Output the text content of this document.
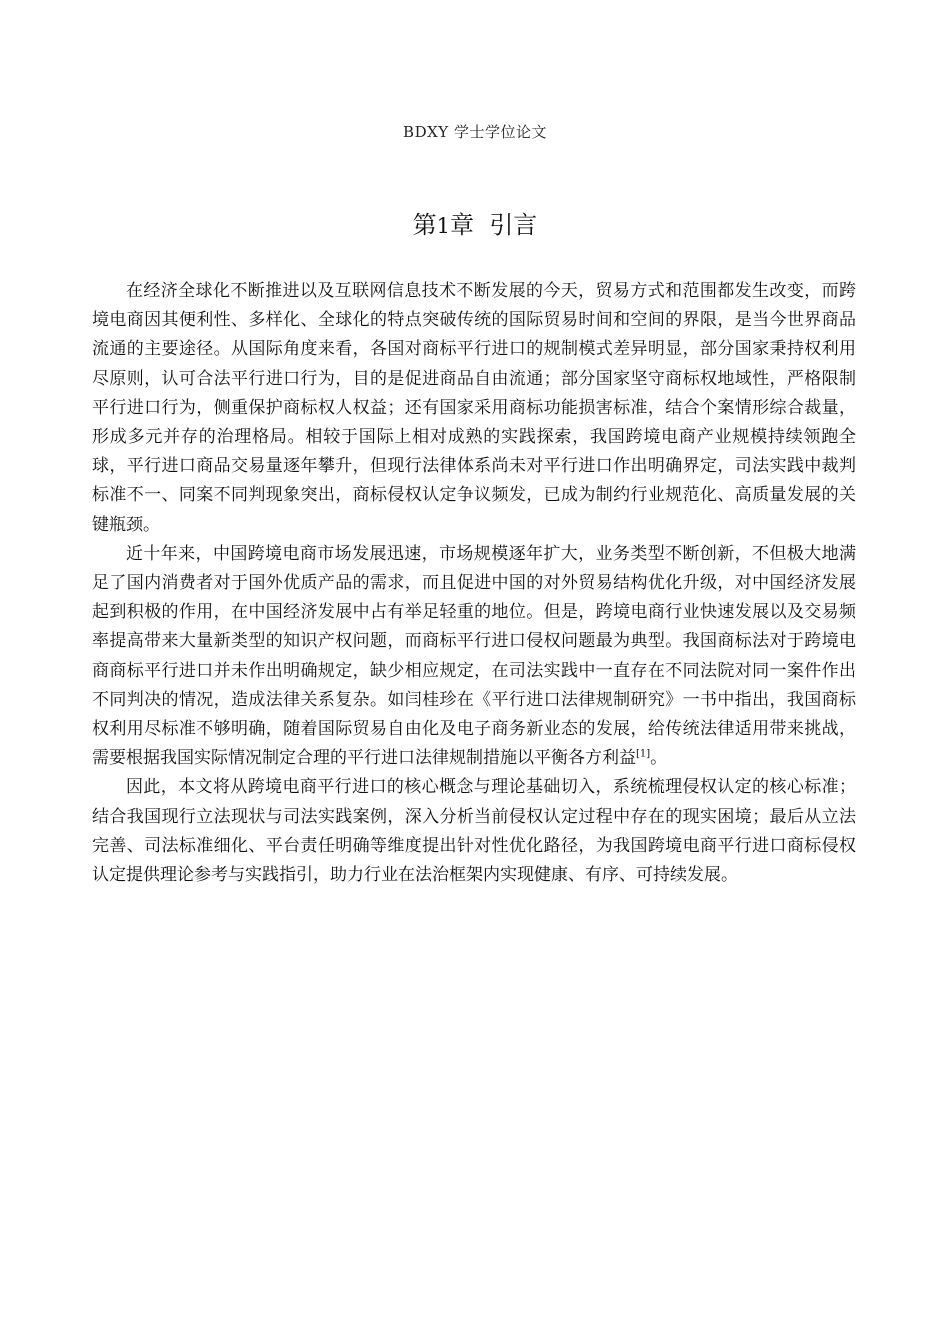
BDXY 学士学位论文
第1章 引言

在经济全球化不断推进以及互联网信息技术不断发展的今天，贸易方式和范围都发生改变，而跨境电商因其便利性、多样化、全球化的特点突破传统的国际贸易时间和空间的界限，是当今世界商品流通的主要途径。从国际角度来看，各国对商标平行进口的规制模式差异明显，部分国家秉持权利用尽原则，认可合法平行进口行为，目的是促进商品自由流通；部分国家坚守商标权地域性，严格限制平行进口行为，侧重保护商标权人权益；还有国家采用商标功能损害标准，结合个案情形综合裁量，形成多元并存的治理格局。相较于国际上相对成熟的实践探索，我国跨境电商产业规模持续领跑全球，平行进口商品交易量逐年攀升，但现行法律体系尚未对平行进口作出明确界定，司法实践中裁判标准不一、同案不同判现象突出，商标侵权认定争议频发，已成为制约行业规范化、高质量发展的关键瓶颈。

近十年来，中国跨境电商市场发展迅速，市场规模逐年扩大，业务类型不断创新，不但极大地满足了国内消费者对于国外优质产品的需求，而且促进中国的对外贸易结构优化升级，对中国经济发展起到积极的作用，在中国经济发展中占有举足轻重的地位。但是，跨境电商行业快速发展以及交易频率提高带来大量新类型的知识产权问题，而商标平行进口侵权问题最为典型。我国商标法对于跨境电商商标平行进口并未作出明确规定，缺少相应规定，在司法实践中一直存在不同法院对同一案件作出不同判决的情况，造成法律关系复杂。如闫桂珍在《平行进口法律规制研究》一书中指出，我国商标权利用尽标准不够明确，随着国际贸易自由化及电子商务新业态的发展，给传统法律适用带来挑战，需要根据我国实际情况制定合理的平行进口法律规制措施以平衡各方利益[1]。

因此，本文将从跨境电商平行进口的核心概念与理论基础切入，系统梳理侵权认定的核心标准；结合我国现行立法现状与司法实践案例，深入分析当前侵权认定过程中存在的现实困境；最后从立法完善、司法标准细化、平台责任明确等维度提出针对性优化路径，为我国跨境电商平行进口商标侵权认定提供理论参考与实践指引，助力行业在法治框架内实现健康、有序、可持续发展。
